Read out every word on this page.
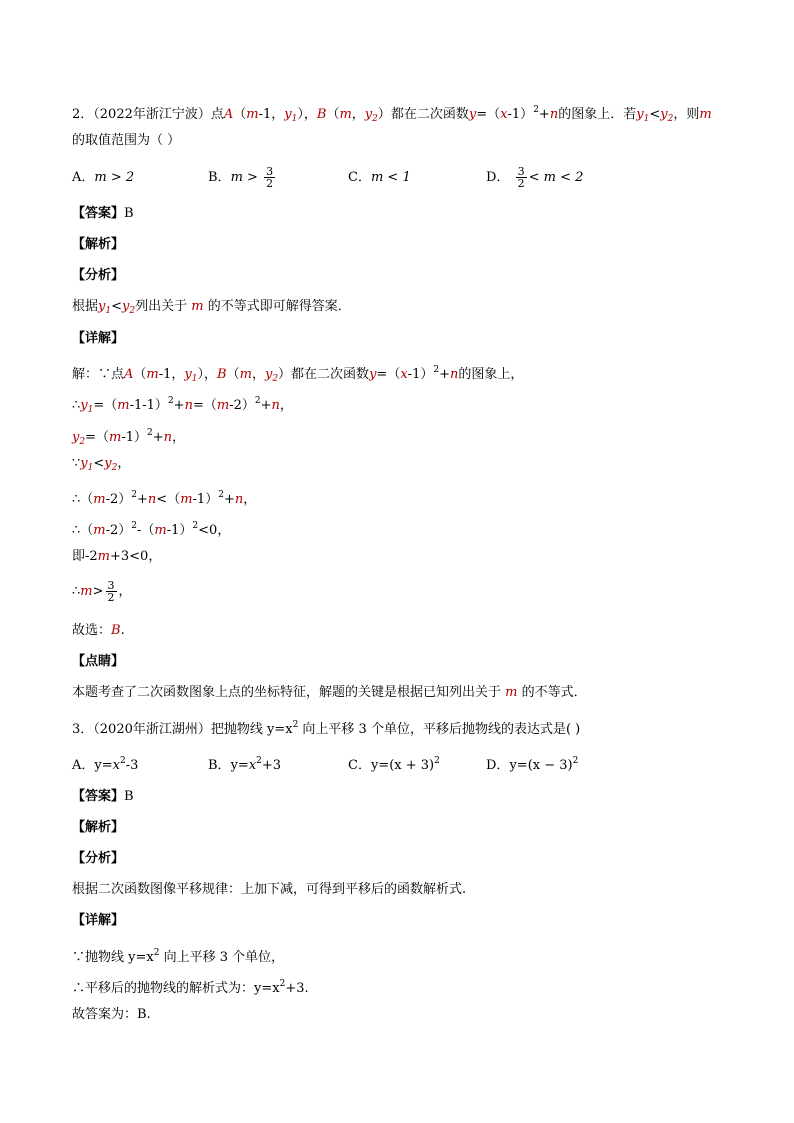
2．（2022年浙江宁波）点A（m-1，$y_1$），B（m，$y_2$）都在二次函数$y=(x-1)^2+n$的图象上．若$y_1<y_2$，则m
的取值范围为（ ）
A．m > 2	B．$m > \frac{3}{2}$	C．m < 1	D． $\frac{3}{2} < m < 2$
【答案】B
【解析】
【分析】
根据$y_1<y_2$列出关于 m 的不等式即可解得答案．
【详解】
解：∵点A（m-1，$y_1$），B（m，$y_2$）都在二次函数$y=(x-1)^2+n$的图象上，
$\therefore y_1=(m-1-1)^2+n=(m-2)^2+n$，
$y_2=(m-1)^2+n$，
$\because y_1<y_2$，
$\therefore(m-2)^2+n<(m-1)^2+n$，
$\therefore(m-2)^2-(m-1)^2<0$，
即-2m+3<0，
∴m> $\frac{3}{2}$ ，
故选：B.
【点睛】
本题考查了二次函数图象上点的坐标特征，解题的关键是根据已知列出关于 m 的不等式．
3．（2020年浙江湖州）把抛物线 $y=x^2$ 向上平移 3 个单位，平移后抛物线的表达式是( )
A．$y=x^2-3$	B．$y=x^2+3$	C．$y=(x + 3)^2$	D．$y=(x - 3)^2$
【答案】B
【解析】
【分析】
根据二次函数图像平移规律：上加下减，可得到平移后的函数解析式.
【详解】
∵抛物线 $y=x^2$ 向上平移 3 个单位，
∴平移后的抛物线的解析式为：$y=x^2+3$.
故答案为：B.
